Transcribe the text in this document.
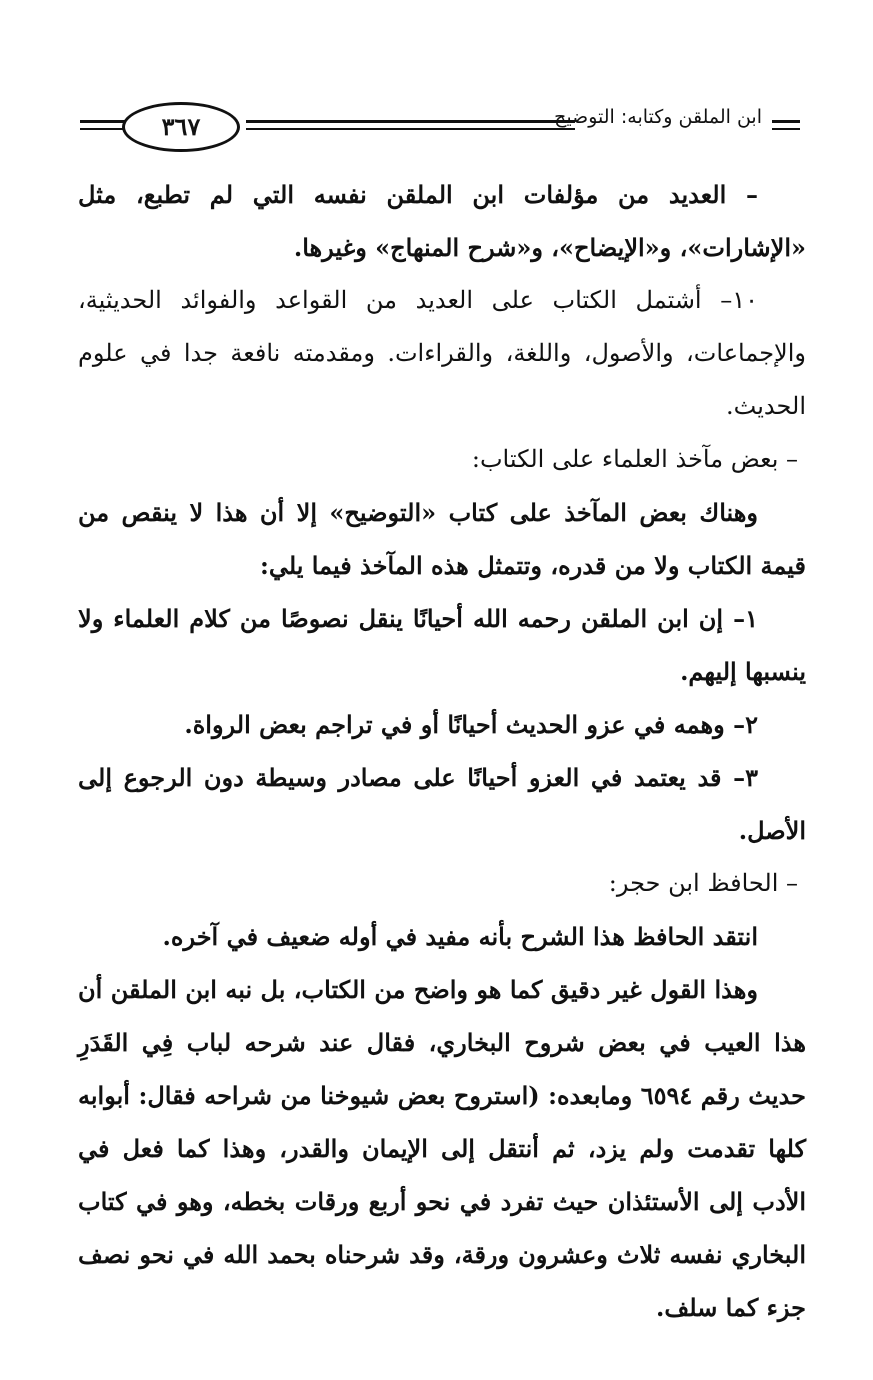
ابن الملقن وكتابه: التوضيح
٣٦٧

– العديد من مؤلفات ابن الملقن نفسه التي لم تطبع، مثل «الإشارات»، و«الإيضاح»، و«شرح المنهاج» وغيرها.

١٠– أشتمل الكتاب على العديد من القواعد والفوائد الحديثية، والإجماعات، والأصول، واللغة، والقراءات. ومقدمته نافعة جدا في علوم الحديث.

– بعض مآخذ العلماء على الكتاب:

وهناك بعض المآخذ على كتاب «التوضيح» إلا أن هذا لا ينقص من قيمة الكتاب ولا من قدره، وتتمثل هذه المآخذ فيما يلي:

١– إن ابن الملقن رحمه الله أحيانًا ينقل نصوصًا من كلام العلماء ولا ينسبها إليهم.

٢– وهمه في عزو الحديث أحيانًا أو في تراجم بعض الرواة.

٣– قد يعتمد في العزو أحيانًا على مصادر وسيطة دون الرجوع إلى الأصل.

– الحافظ ابن حجر:

انتقد الحافظ هذا الشرح بأنه مفيد في أوله ضعيف في آخره.

وهذا القول غير دقيق كما هو واضح من الكتاب، بل نبه ابن الملقن أن هذا العيب في بعض شروح البخاري، فقال عند شرحه لباب فِي القَدَرِ حديث رقم ٦٥٩٤ ومابعده: (استروح بعض شيوخنا من شراحه فقال: أبوابه كلها تقدمت ولم يزد، ثم أنتقل إلى الإيمان والقدر، وهذا كما فعل في الأدب إلى الأستئذان حيث تفرد في نحو أربع ورقات بخطه، وهو في كتاب البخاري نفسه ثلاث وعشرون ورقة، وقد شرحناه بحمد الله في نحو نصف جزء كما سلف.
